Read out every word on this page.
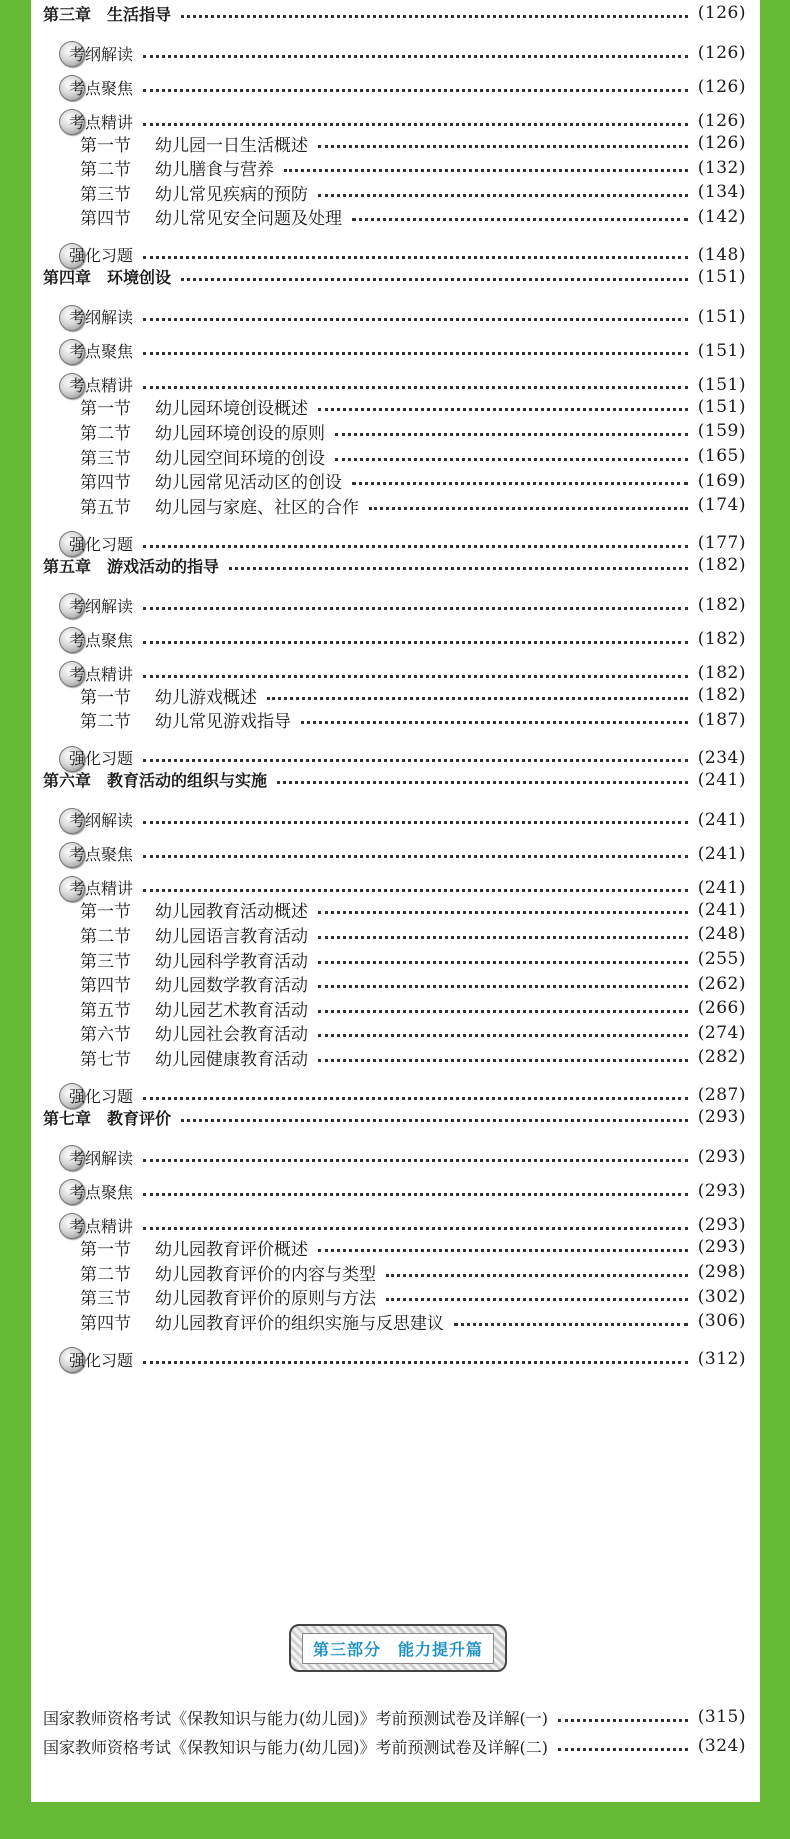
第三章 生活指导	(126)
考纲解读	(126)
考点聚焦	(126)
考点精讲	(126)
第一节	幼儿园一日生活概述	(126)
第二节	幼儿膳食与营养	(132)
第三节	幼儿常见疾病的预防	(134)
第四节	幼儿常见安全问题及处理	(142)
强化习题	(148)
第四章 环境创设	(151)
考纲解读	(151)
考点聚焦	(151)
考点精讲	(151)
第一节	幼儿园环境创设概述	(151)
第二节	幼儿园环境创设的原则	(159)
第三节	幼儿园空间环境的创设	(165)
第四节	幼儿园常见活动区的创设	(169)
第五节	幼儿园与家庭、社区的合作	(174)
强化习题	(177)
第五章 游戏活动的指导	(182)
考纲解读	(182)
考点聚焦	(182)
考点精讲	(182)
第一节	幼儿游戏概述	(182)
第二节	幼儿常见游戏指导	(187)
强化习题	(234)
第六章 教育活动的组织与实施	(241)
考纲解读	(241)
考点聚焦	(241)
考点精讲	(241)
第一节	幼儿园教育活动概述	(241)
第二节	幼儿园语言教育活动	(248)
第三节	幼儿园科学教育活动	(255)
第四节	幼儿园数学教育活动	(262)
第五节	幼儿园艺术教育活动	(266)
第六节	幼儿园社会教育活动	(274)
第七节	幼儿园健康教育活动	(282)
强化习题	(287)
第七章 教育评价	(293)
考纲解读	(293)
考点聚焦	(293)
考点精讲	(293)
第一节	幼儿园教育评价概述	(293)
第二节	幼儿园教育评价的内容与类型	(298)
第三节	幼儿园教育评价的原则与方法	(302)
第四节	幼儿园教育评价的组织实施与反思建议	(306)
强化习题	(312)
第三部分　能力提升篇
国家教师资格考试《保教知识与能力(幼儿园)》考前预测试卷及详解(一)	(315)
国家教师资格考试《保教知识与能力(幼儿园)》考前预测试卷及详解(二)	(324)
